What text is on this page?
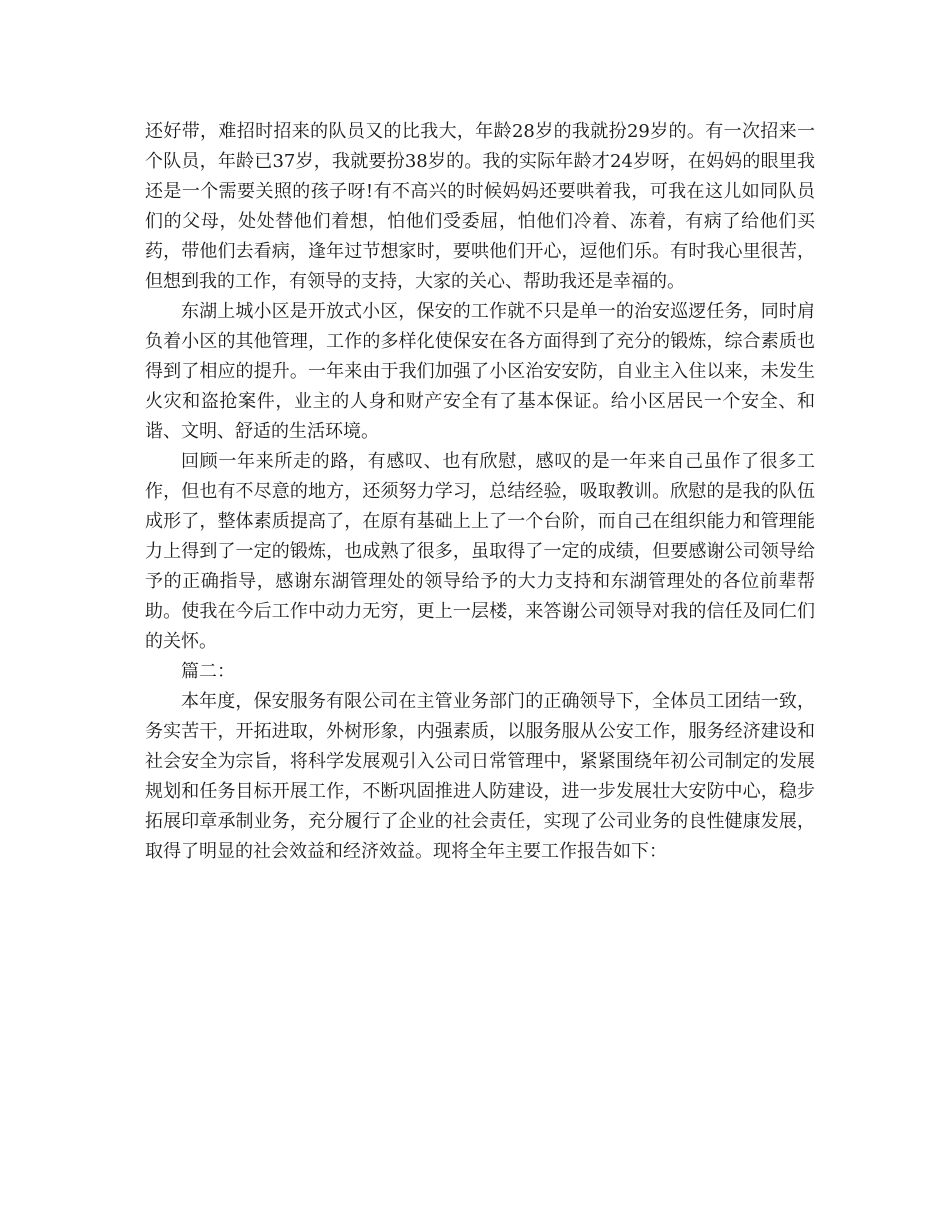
还好带，难招时招来的队员又的比我大，年龄28岁的我就扮29岁的。有一次招来一个队员，年龄已37岁，我就要扮38岁的。我的实际年龄才24岁呀，在妈妈的眼里我还是一个需要关照的孩子呀!有不高兴的时候妈妈还要哄着我，可我在这儿如同队员们的父母，处处替他们着想，怕他们受委屈，怕他们冷着、冻着，有病了给他们买药，带他们去看病，逢年过节想家时，要哄他们开心，逗他们乐。有时我心里很苦，但想到我的工作，有领导的支持，大家的关心、帮助我还是幸福的。

东湖上城小区是开放式小区，保安的工作就不只是单一的治安巡逻任务，同时肩负着小区的其他管理，工作的多样化使保安在各方面得到了充分的锻炼，综合素质也得到了相应的提升。一年来由于我们加强了小区治安安防，自业主入住以来，未发生火灾和盗抢案件，业主的人身和财产安全有了基本保证。给小区居民一个安全、和谐、文明、舒适的生活环境。

回顾一年来所走的路，有感叹、也有欣慰，感叹的是一年来自己虽作了很多工作，但也有不尽意的地方，还须努力学习，总结经验，吸取教训。欣慰的是我的队伍成形了，整体素质提高了，在原有基础上上了一个台阶，而自己在组织能力和管理能力上得到了一定的锻炼，也成熟了很多，虽取得了一定的成绩，但要感谢公司领导给予的正确指导，感谢东湖管理处的领导给予的大力支持和东湖管理处的各位前辈帮助。使我在今后工作中动力无穷，更上一层楼，来答谢公司领导对我的信任及同仁们的关怀。

篇二：

本年度，保安服务有限公司在主管业务部门的正确领导下，全体员工团结一致，务实苦干，开拓进取，外树形象，内强素质，以服务服从公安工作，服务经济建设和社会安全为宗旨，将科学发展观引入公司日常管理中，紧紧围绕年初公司制定的发展规划和任务目标开展工作，不断巩固推进人防建设，进一步发展壮大安防中心，稳步拓展印章承制业务，充分履行了企业的社会责任，实现了公司业务的良性健康发展，取得了明显的社会效益和经济效益。现将全年主要工作报告如下：
